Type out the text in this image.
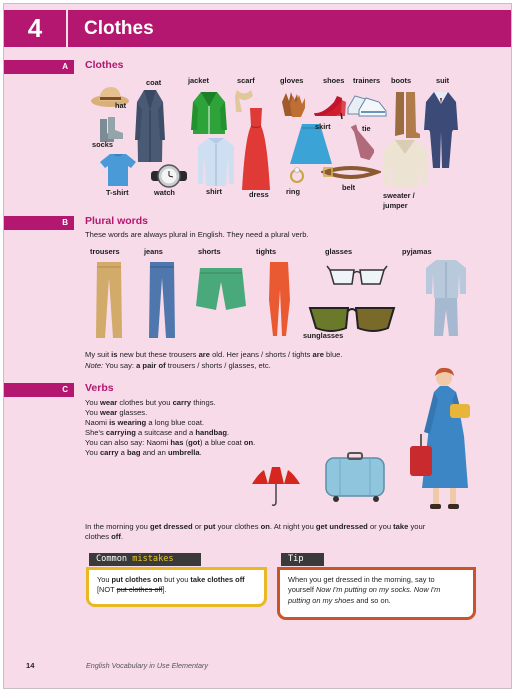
4	Clothes
A	Clothes
coat	jacket	scarf	gloves	shoes trainers boots	suit
hat
skirt	tie
socks
T-shirt	watch	shirt	dress ring	belt
sweater /
jumper
B	Plural words
These words are always plural in English. They need a plural verb.
trousers	jeans	shorts	tights	glasses	pyjamas
sunglasses
My suit is new but these trousers are old. Her jeans / shorts / tights are blue.
Note: You say: a pair of trousers / shorts / glasses, etc.
C	Verbs
You wear clothes but you carry things.
You wear glasses.
Naomi is wearing a long blue coat.
She's carrying a suitcase and a handbag.
You can also say: Naomi has (got) a blue coat on.
You carry a bag and an umbrella.
In the morning you get dressed or put your clothes on. At night you get undressed or you take your
clothes off.
Common mistakes
You put clothes on but you take clothes off
[NOT put clothes off].
Tip
When you get dressed in the morning, say to
yourself Now I'm putting on my socks. Now I'm
putting on my shoes and so on.
14	English Vocabulary in Use Elementary
